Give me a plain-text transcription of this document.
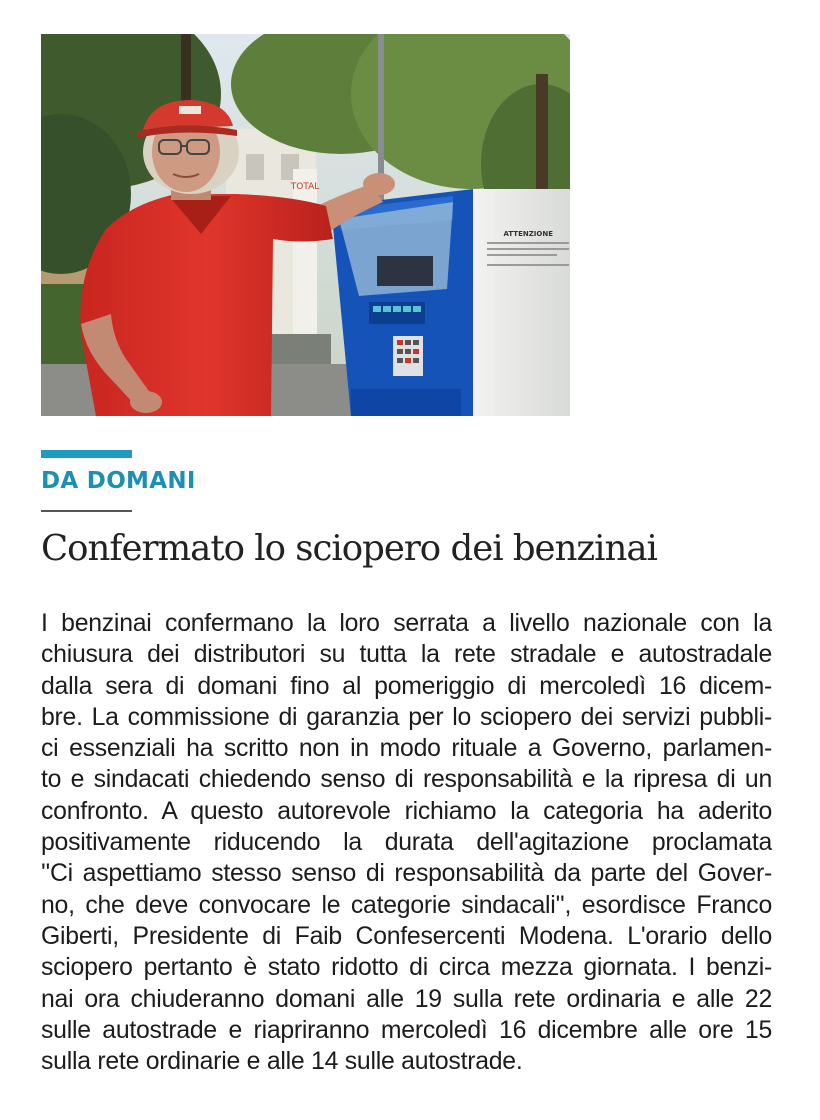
TOTAL
ATTENZIONE
DA DOMANI
Confermato lo sciopero dei benzinai

I benzinai confermano la loro serrata a livello nazionale con la
chiusura dei distributori su tutta la rete stradale e autostradale
dalla sera di domani fino al pomeriggio di mercoledì 16 dicem-
bre. La commissione di garanzia per lo sciopero dei servizi pubbli-
ci essenziali ha scritto non in modo rituale a Governo, parlamen-
to e sindacati chiedendo senso di responsabilità e la ripresa di un
confronto. A questo autorevole richiamo la categoria ha aderito
positivamente riducendo la durata dell'agitazione proclamata
''Ci aspettiamo stesso senso di responsabilità da parte del Gover-
no, che deve convocare le categorie sindacali'', esordisce Franco
Giberti, Presidente di Faib Confesercenti Modena. L'orario dello
sciopero pertanto è stato ridotto di circa mezza giornata. I benzi-
nai ora chiuderanno domani alle 19 sulla rete ordinaria e alle 22
sulle autostrade e riapriranno mercoledì 16 dicembre alle ore 15
sulla rete ordinarie e alle 14 sulle autostrade.
